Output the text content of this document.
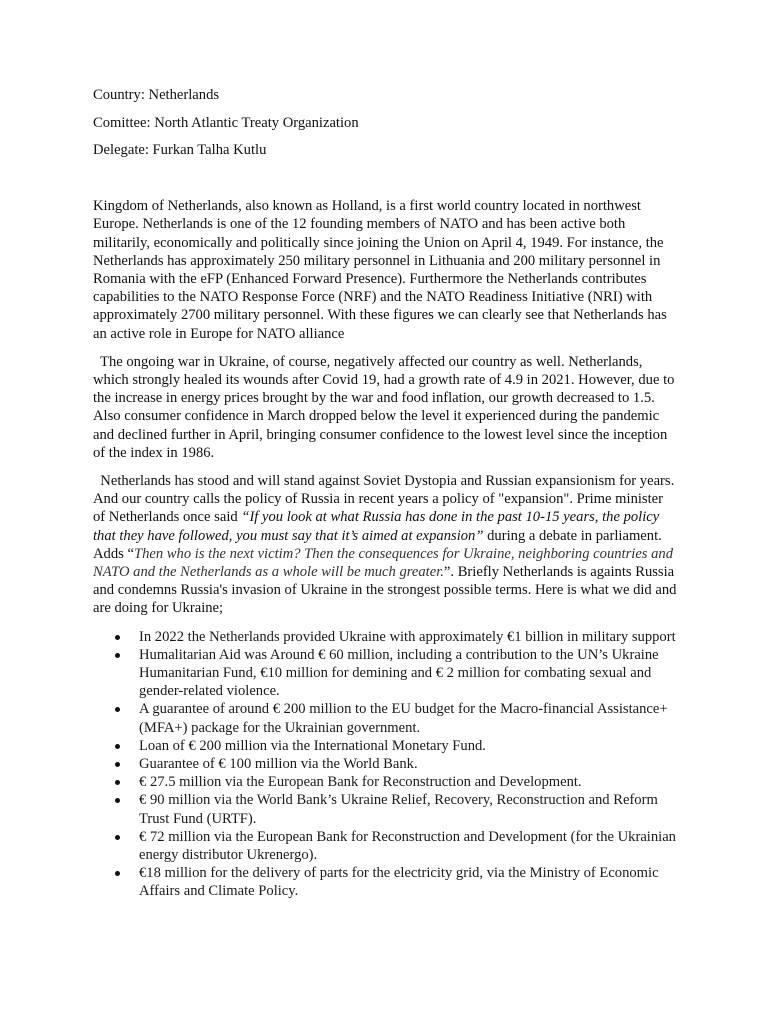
Country: Netherlands

Comittee: North Atlantic Treaty Organization

Delegate: Furkan Talha Kutlu

Kingdom of Netherlands, also known as Holland, is a first world country located in northwest Europe. Netherlands is one of the 12 founding members of NATO and has been active both militarily, economically and politically since joining the Union on April 4, 1949. For instance, the Netherlands has approximately 250 military personnel in Lithuania and 200 military personnel in Romania with the eFP (Enhanced Forward Presence). Furthermore the Netherlands contributes capabilities to the NATO Response Force (NRF) and the NATO Readiness Initiative (NRI) with approximately 2700 military personnel. With these figures we can clearly see that Netherlands has an active role in Europe for NATO alliance

The ongoing war in Ukraine, of course, negatively affected our country as well. Netherlands, which strongly healed its wounds after Covid 19, had a growth rate of 4.9 in 2021. However, due to the increase in energy prices brought by the war and food inflation, our growth decreased to 1.5. Also consumer confidence in March dropped below the level it experienced during the pandemic and declined further in April, bringing consumer confidence to the lowest level since the inception of the index in 1986.

Netherlands has stood and will stand against Soviet Dystopia and Russian expansionism for years. And our country calls the policy of Russia in recent years a policy of "expansion". Prime minister of Netherlands once said “If you look at what Russia has done in the past 10-15 years, the policy that they have followed, you must say that it’s aimed at expansion” during a debate in parliament. Adds “Then who is the next victim? Then the consequences for Ukraine, neighboring countries and NATO and the Netherlands as a whole will be much greater.”. Briefly Netherlands is againts Russia and condemns Russia's invasion of Ukraine in the strongest possible terms. Here is what we did and are doing for Ukraine;

In 2022 the Netherlands provided Ukraine with approximately €1 billion in military support
Humalitarian Aid was Around € 60 million, including a contribution to the UN’s Ukraine Humanitarian Fund, €10 million for demining and € 2 million for combating sexual and gender-related violence.
A guarantee of around € 200 million to the EU budget for the Macro-financial Assistance+ (MFA+) package for the Ukrainian government.
Loan of € 200 million via the International Monetary Fund.
Guarantee of € 100 million via the World Bank.
€ 27.5 million via the European Bank for Reconstruction and Development.
€ 90 million via the World Bank’s Ukraine Relief, Recovery, Reconstruction and Reform Trust Fund (URTF).
€ 72 million via the European Bank for Reconstruction and Development (for the Ukrainian energy distributor Ukrenergo).
€18 million for the delivery of parts for the electricity grid, via the Ministry of Economic Affairs and Climate Policy.
